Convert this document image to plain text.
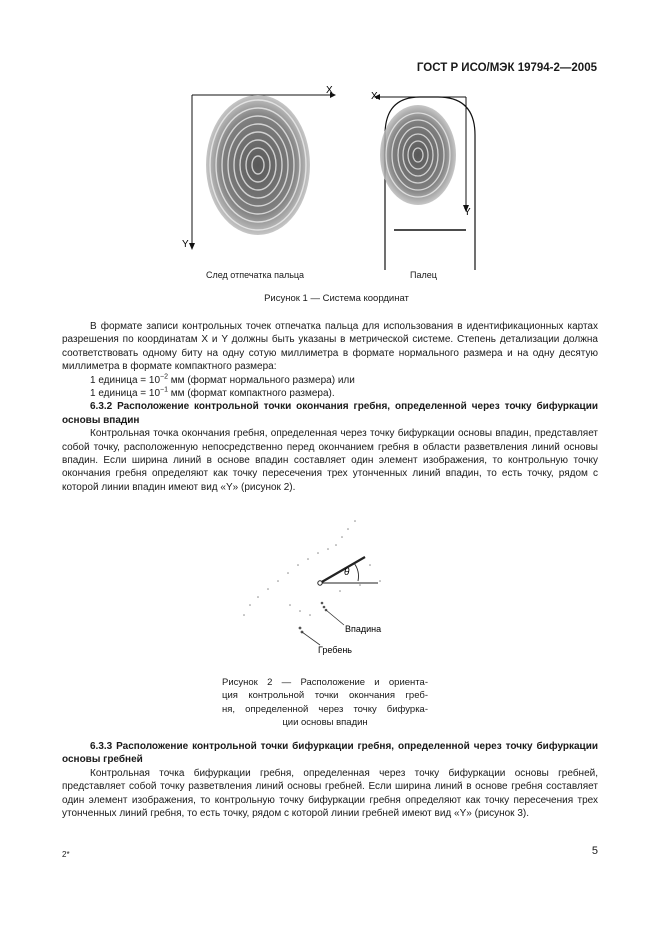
ГОСТ Р ИСО/МЭК 19794-2—2005
X
Y
X
Y
След отпечатка пальца	Палец
Рисунок 1 — Система координат

В формате записи контрольных точек отпечатка пальца для использования в идентификационных картах разрешения по координатам X и Y должны быть указаны в метрической системе. Степень детализации должна соответствовать одному биту на одну сотую миллиметра в формате нормального размера и на одну десятую миллиметра в формате компактного размера:

1 единица = $10^{-2}$ мм (формат нормального размера) или

1 единица = $10^{-1}$ мм (формат компактного размера).

6.3.2 Расположение контрольной точки окончания гребня, определенной через точку бифуркации основы впадин

Контрольная точка окончания гребня, определенная через точку бифуркации основы впадин, представляет собой точку, расположенную непосредственно перед окончанием гребня в области разветвления линий основы впадин. Если ширина линий в основе впадин составляет один элемент изображения, то контрольную точку окончания гребня определяют как точку пересечения трех утонченных линий впадин, то есть точку, рядом с которой линии впадин имеют вид «Y» (рисунок 2).

θ
Впадина
Гребень
Рисунок 2 — Расположение и ориента-
ция контрольной точки окончания греб-
ня, определенной через точку бифурка-
ции основы впадин

6.3.3 Расположение контрольной точки бифуркации гребня, определенной через точку бифуркации основы гребней

Контрольная точка бифуркации гребня, определенная через точку бифуркации основы гребней, представляет собой точку разветвления линий основы гребней. Если ширина линий в основе гребня составляет один элемент изображения, то контрольную точку бифуркации гребня определяют как точку пересечения трех утонченных линий гребня, то есть точку, рядом с которой линии гребней имеют вид «Y» (рисунок 3).

2*	5
